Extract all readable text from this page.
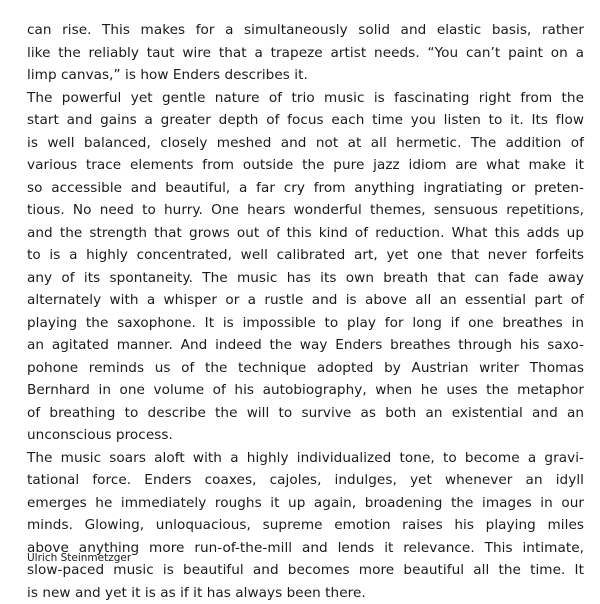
can rise. This makes for a simultaneously solid and elastic basis, rather
like the reliably taut wire that a trapeze artist needs. “You can’t paint on a
limp canvas,” is how Enders describes it.
The powerful yet gentle nature of trio music is fascinating right from the
start and gains a greater depth of focus each time you listen to it. Its flow
is well balanced, closely meshed and not at all hermetic. The addition of
various trace elements from outside the pure jazz idiom are what make it
so accessible and beautiful, a far cry from anything ingratiating or preten-
tious. No need to hurry. One hears wonderful themes, sensuous repetitions,
and the strength that grows out of this kind of reduction. What this adds up
to is a highly concentrated, well calibrated art, yet one that never forfeits
any of its spontaneity. The music has its own breath that can fade away
alternately with a whisper or a rustle and is above all an essential part of
playing the saxophone. It is impossible to play for long if one breathes in
an agitated manner. And indeed the way Enders breathes through his saxo-
pohone reminds us of the technique adopted by Austrian writer Thomas
Bernhard in one volume of his autobiography, when he uses the metaphor
of breathing to describe the will to survive as both an existential and an
unconscious process.
The music soars aloft with a highly individualized tone, to become a gravi-
tational force. Enders coaxes, cajoles, indulges, yet whenever an idyll
emerges he immediately roughs it up again, broadening the images in our
minds. Glowing, unloquacious, supreme emotion raises his playing miles
above anything more run-of-the-mill and lends it relevance. This intimate,
slow-paced music is beautiful and becomes more beautiful all the time. It
is new and yet it is as if it has always been there.
Ulrich Steinmetzger
